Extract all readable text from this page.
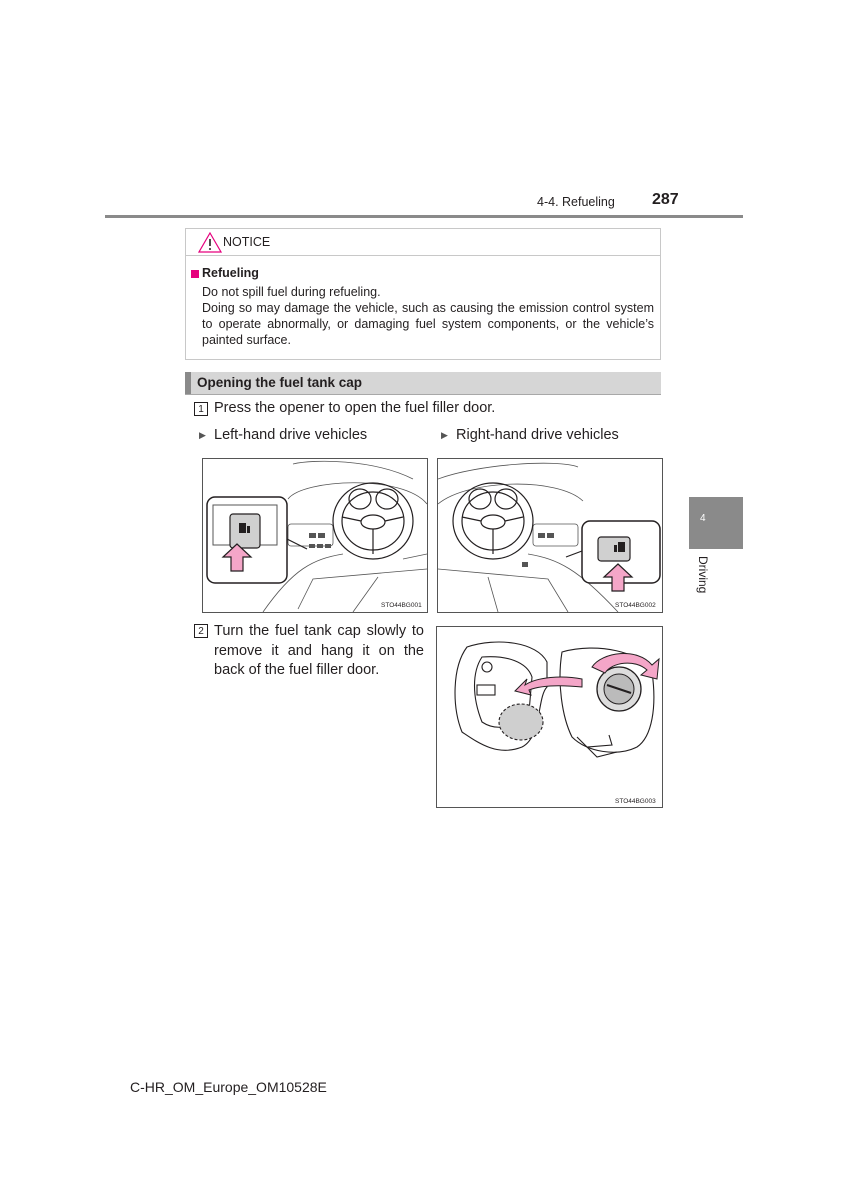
4-4. Refueling 287
NOTICE
Refueling

Do not spill fuel during refueling.

Doing so may damage the vehicle, such as causing the emission control system to operate abnormally, or damaging fuel system components, or the vehicle’s painted surface.

Opening the fuel tank cap
1 Press the opener to open the fuel filler door.
▶ Left-hand drive vehicles	▶ Right-hand drive vehicles
STO44BG001	STO44BG002
2 Turn the fuel tank cap slowly to remove it and hang it on the back of the fuel filler door.
STO44BG003
4
Driving
C-HR_OM_Europe_OM10528E
